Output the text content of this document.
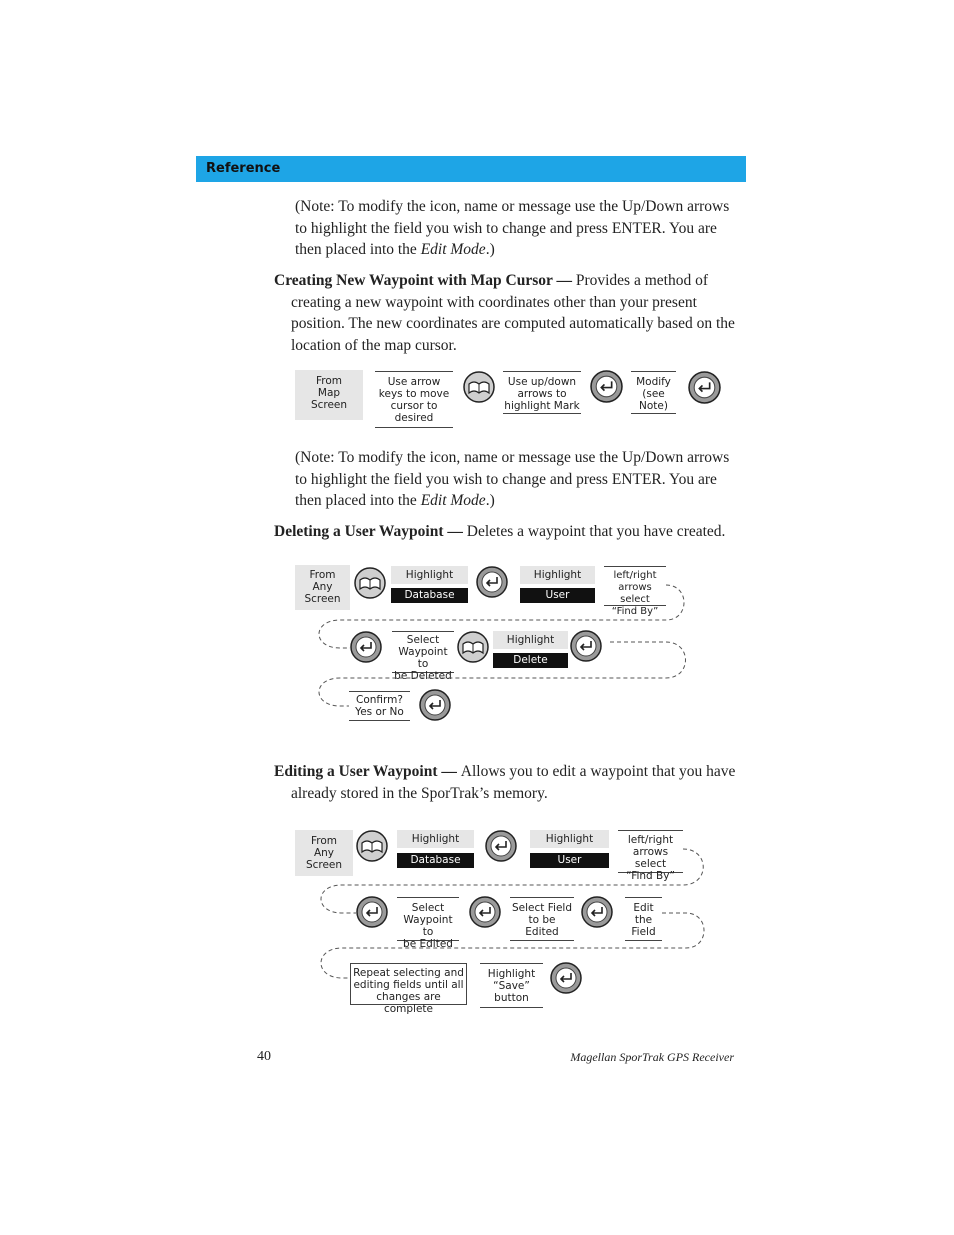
Reference
(Note: To modify the icon, name or message use the Up/Down arrows
to highlight the field you wish to change and press ENTER. You are
then placed into the Edit Mode.)
Creating New Waypoint with Map Cursor — Provides a method of
creating a new waypoint with coordinates other than your present
position. The new coordinates are computed automatically based on the
location of the map cursor.
From
Map
Screen
Use arrow
keys to move
cursor to
desired
Use up/down
arrows to
highlight Mark
Modify
(see
Note)
(Note: To modify the icon, name or message use the Up/Down arrows
to highlight the field you wish to change and press ENTER. You are
then placed into the Edit Mode.)
Deleting a User Waypoint — Deletes a waypoint that you have created.
From
Any
Screen
Highlight
Database
Highlight
User
left/right
arrows select
“Find By”
Select
Waypoint to
be Deleted
Highlight
Delete
Confirm?
Yes or No
Editing a User Waypoint — Allows you to edit a waypoint that you have
already stored in the SporTrak’s memory.
From
Any
Screen
Highlight
Database
Highlight
User
left/right
arrows select
“Find By”
Select
Waypoint to
be Edited
Select Field
to be
Edited
Edit
the
Field
Repeat selecting and
editing fields until all
changes are complete
Highlight
“Save”
button
40	Magellan SporTrak GPS Receiver
